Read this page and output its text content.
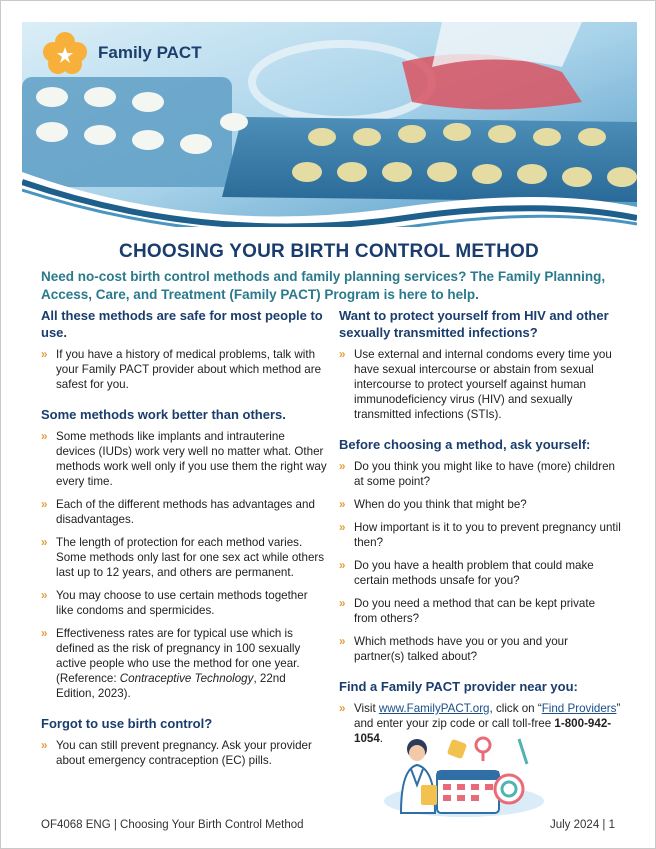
Family PACT
CHOOSING YOUR BIRTH CONTROL METHOD

Need no-cost birth control methods and family planning services? The Family Planning, Access, Care, and Treatment (Family PACT) Program is here to help.

All these methods are safe for most people to use.
» If you have a history of medical problems, talk with your Family PACT provider about which method are safest for you.
Some methods work better than others.
» Some methods like implants and intrauterine devices (IUDs) work very well no matter what. Other methods work well only if you use them the right way every time.
» Each of the different methods has advantages and disadvantages.
» The length of protection for each method varies. Some methods only last for one sex act while others last up to 12 years, and others are permanent.
» You may choose to use certain methods together like condoms and spermicides.
» Effectiveness rates are for typical use which is defined as the risk of pregnancy in 100 sexually active people who use the method for one year. (Reference: Contraceptive Technology, 22nd Edition, 2023).
Forgot to use birth control?
» You can still prevent pregnancy. Ask your provider about emergency contraception (EC) pills.
Want to protect yourself from HIV and other sexually transmitted infections?
» Use external and internal condoms every time you have sexual intercourse or abstain from sexual intercourse to protect yourself against human immunodeficiency virus (HIV) and sexually transmitted infections (STIs).
Before choosing a method, ask yourself:
» Do you think you might like to have (more) children at some point?
» When do you think that might be?
» How important is it to you to prevent pregnancy until then?
» Do you have a health problem that could make certain methods unsafe for you?
» Do you need a method that can be kept private from others?
» Which methods have you or you and your partner(s) talked about?
Find a Family PACT provider near you:
» Visit www.FamilyPACT.org, click on “Find Providers” and enter your zip code or call toll-free 1-800-942-1054.
OF4068 ENG | Choosing Your Birth Control Method	July 2024 | 1
